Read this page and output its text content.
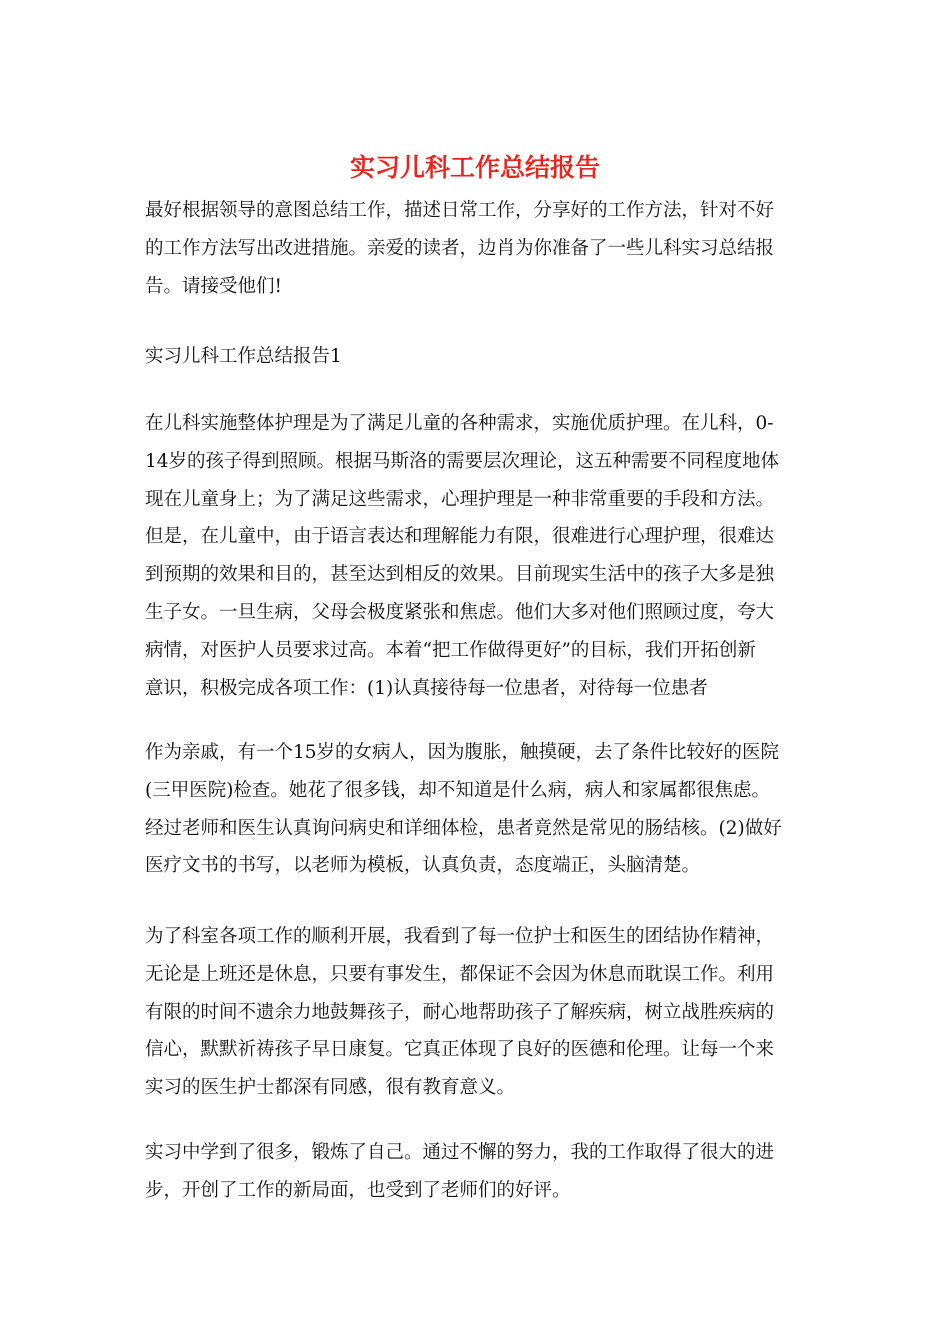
实习儿科工作总结报告

最好根据领导的意图总结工作，描述日常工作，分享好的工作方法，针对不好
的工作方法写出改进措施。亲爱的读者，边肖为你准备了一些儿科实习总结报
告。请接受他们!

实习儿科工作总结报告1

在儿科实施整体护理是为了满足儿童的各种需求，实施优质护理。在儿科，0-
14岁的孩子得到照顾。根据马斯洛的需要层次理论，这五种需要不同程度地体
现在儿童身上；为了满足这些需求，心理护理是一种非常重要的手段和方法。
但是，在儿童中，由于语言表达和理解能力有限，很难进行心理护理，很难达
到预期的效果和目的，甚至达到相反的效果。目前现实生活中的孩子大多是独
生子女。一旦生病，父母会极度紧张和焦虑。他们大多对他们照顾过度，夸大
病情，对医护人员要求过高。本着“把工作做得更好”的目标，我们开拓创新
意识，积极完成各项工作：(1)认真接待每一位患者，对待每一位患者

作为亲戚，有一个15岁的女病人，因为腹胀，触摸硬，去了条件比较好的医院
(三甲医院)检查。她花了很多钱，却不知道是什么病，病人和家属都很焦虑。
经过老师和医生认真询问病史和详细体检，患者竟然是常见的肠结核。(2)做好
医疗文书的书写，以老师为模板，认真负责，态度端正，头脑清楚。

为了科室各项工作的顺利开展，我看到了每一位护士和医生的团结协作精神，
无论是上班还是休息，只要有事发生，都保证不会因为休息而耽误工作。利用
有限的时间不遗余力地鼓舞孩子，耐心地帮助孩子了解疾病，树立战胜疾病的
信心，默默祈祷孩子早日康复。它真正体现了良好的医德和伦理。让每一个来
实习的医生护士都深有同感，很有教育意义。

实习中学到了很多，锻炼了自己。通过不懈的努力，我的工作取得了很大的进
步，开创了工作的新局面，也受到了老师们的好评。
